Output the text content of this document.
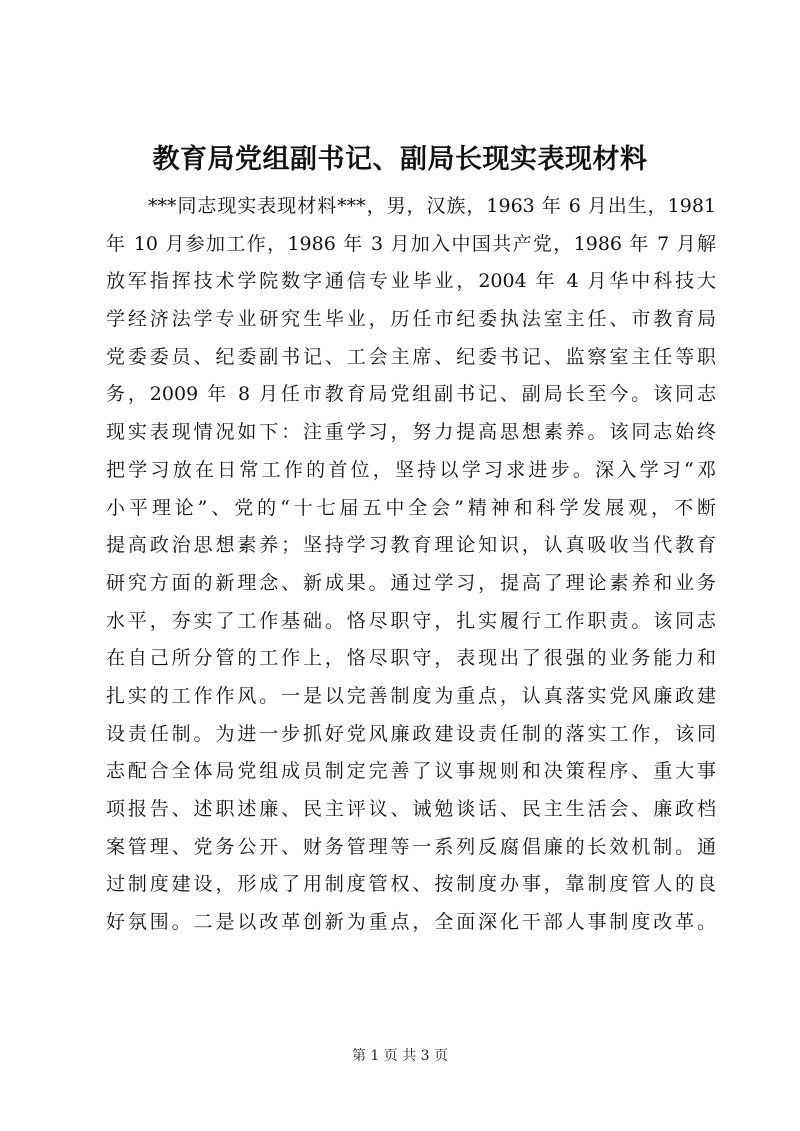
教育局党组副书记、副局长现实表现材料
***同志现实表现材料***，男，汉族，1963 年 6 月出生，1981
年 10 月参加工作，1986 年 3 月加入中国共产党，1986 年 7 月解
放军指挥技术学院数字通信专业毕业，2004 年 4 月华中科技大
学经济法学专业研究生毕业，历任市纪委执法室主任、市教育局
党委委员、纪委副书记、工会主席、纪委书记、监察室主任等职
务，2009 年 8 月任市教育局党组副书记、副局长至今。该同志
现实表现情况如下：注重学习，努力提高思想素养。该同志始终
把学习放在日常工作的首位，坚持以学习求进步。深入学习“邓
小平理论”、党的“十七届五中全会”精神和科学发展观，不断
提高政治思想素养；坚持学习教育理论知识，认真吸收当代教育
研究方面的新理念、新成果。通过学习，提高了理论素养和业务
水平，夯实了工作基础。恪尽职守，扎实履行工作职责。该同志
在自己所分管的工作上，恪尽职守，表现出了很强的业务能力和
扎实的工作作风。一是以完善制度为重点，认真落实党风廉政建
设责任制。为进一步抓好党风廉政建设责任制的落实工作，该同
志配合全体局党组成员制定完善了议事规则和决策程序、重大事
项报告、述职述廉、民主评议、诫勉谈话、民主生活会、廉政档
案管理、党务公开、财务管理等一系列反腐倡廉的长效机制。通
过制度建设，形成了用制度管权、按制度办事，靠制度管人的良
好氛围。二是以改革创新为重点，全面深化干部人事制度改革。
第 1 页 共 3 页
